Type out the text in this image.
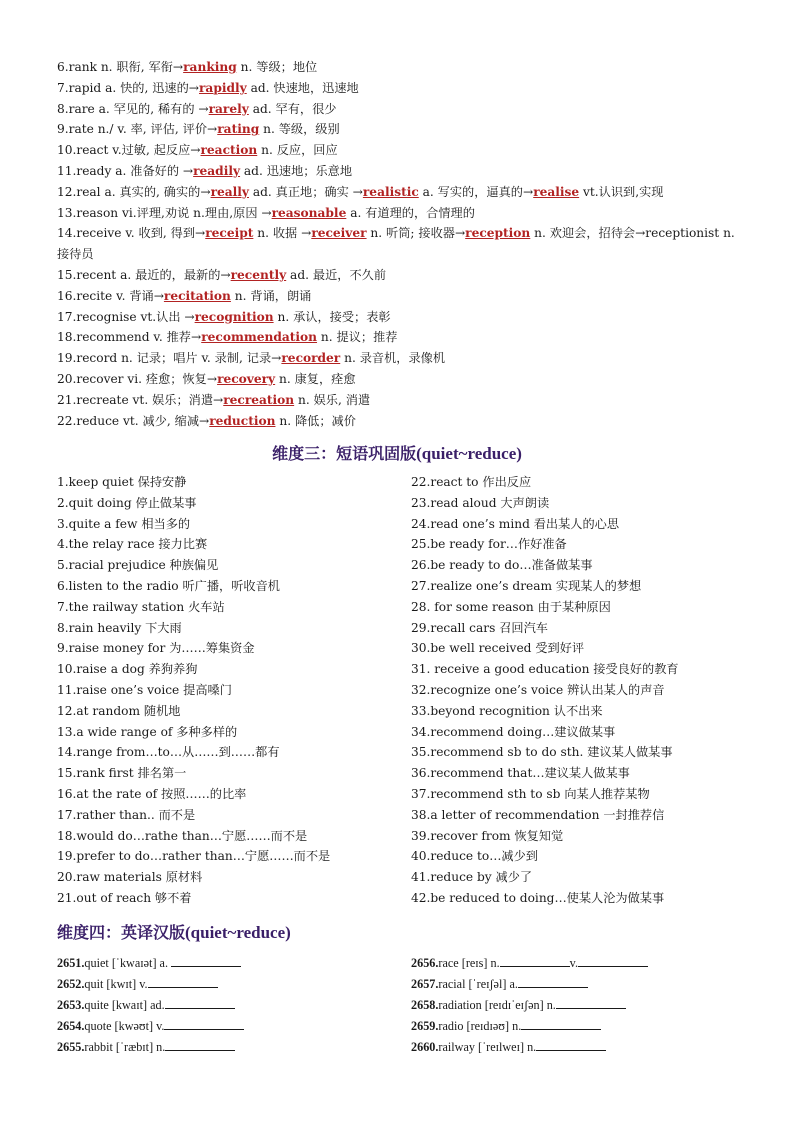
6.rank n. 职衔, 军衔→ranking n. 等级；地位
7.rapid a. 快的, 迅速的→rapidly ad. 快速地，迅速地
8.rare a. 罕见的, 稀有的 →rarely ad. 罕有，很少
9.rate n./ v. 率, 评估, 评价→rating n. 等级，级别
10.react v.过敏, 起反应→reaction n. 反应，回应
11.ready a. 准备好的 →readily ad. 迅速地；乐意地
12.real a. 真实的, 确实的→really ad. 真正地；确实 →realistic a. 写实的，逼真的→realise vt.认识到,实现
13.reason vi.评理,劝说 n.理由,原因 →reasonable a. 有道理的，合情理的
14.receive v. 收到, 得到→receipt n. 收据 →receiver n. 听筒; 接收器→reception n. 欢迎会，招待会→receptionist n. 接待员
15.recent a. 最近的，最新的→recently ad. 最近，不久前
16.recite v. 背诵→recitation n. 背诵，朗诵
17.recognise vt.认出 →recognition n. 承认，接受；表彰
18.recommend v. 推荐→recommendation n. 提议；推荐
19.record n. 记录；唱片 v. 录制, 记录→recorder n. 录音机，录像机
20.recover vi. 痊愈；恢复→recovery n. 康复，痊愈
21.recreate vt. 娱乐；消遣→recreation n. 娱乐, 消遣
22.reduce vt. 减少, 缩减→reduction n. 降低；减价
维度三：短语巩固版(quiet~reduce)
1.keep quiet 保持安静
2.quit doing 停止做某事
3.quite a few 相当多的
4.the relay race 接力比赛
5.racial prejudice 种族偏见
6.listen to the radio 听广播，听收音机
7.the railway station 火车站
8.rain heavily 下大雨
9.raise money for 为……筹集资金
10.raise a dog 养狗养狗
11.raise one’s voice 提高嗓门
12.at random 随机地
13.a wide range of 多种多样的
14.range from…to…从……到……都有
15.rank first 排名第一
16.at the rate of 按照……的比率
17.rather than.. 而不是
18.would do…rathe than…宁愿……而不是
19.prefer to do…rather than…宁愿……而不是
20.raw materials 原材料
21.out of reach 够不着
22.react to 作出反应
23.read aloud 大声朗读
24.read one’s mind 看出某人的心思
25.be ready for…作好准备
26.be ready to do…准备做某事
27.realize one’s dream 实现某人的梦想
28. for some reason 由于某种原因
29.recall cars 召回汽车
30.be well received 受到好评
31. receive a good education 接受良好的教育
32.recognize one’s voice 辨认出某人的声音
33.beyond recognition 认不出来
34.recommend doing…建议做某事
35.recommend sb to do sth. 建议某人做某事
36.recommend that…建议某人做某事
37.recommend sth to sb 向某人推荐某物
38.a letter of recommendation 一封推荐信
39.recover from 恢复知觉
40.reduce to…减少到
41.reduce by 减少了
42.be reduced to doing…使某人沦为做某事
维度四：英译汉版(quiet~reduce)
2651.quiet [ˈkwaɪət] a.
2652.quit [kwɪt] v.
2653.quite [kwaɪt] ad.
2654.quote [kwəʊt] v.
2655.rabbit [ˈræbɪt] n.
2656.race [reɪs] n.	v.
2657.racial [ˈreɪʃəl] a.
2658.radiation [reɪdɪˈeɪʃən] n.
2659.radio [reɪdɪəʊ] n.
2660.railway [ˈreɪlweɪ] n.
